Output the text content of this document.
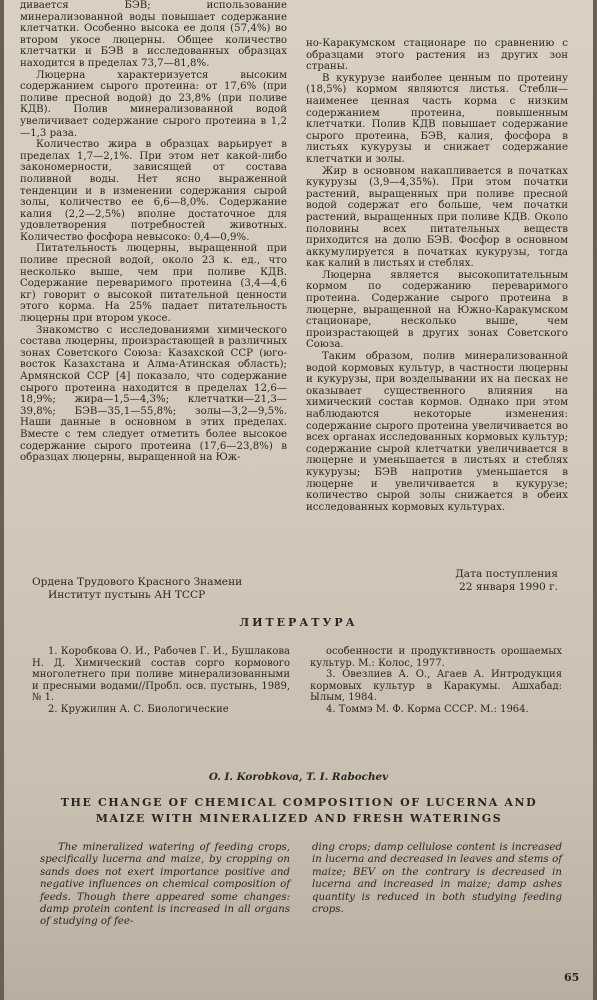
дивается БЭВ; использование минерализованной воды повышает содержание клетчатки. Особенно высока ее доля (57,4%) во втором укосе люцерны. Общее количество клетчатки и БЭВ в исследованных образцах находится в пределах 73,7—81,8%.

Люцерна характеризуется высоким содержанием сырого протеина: от 17,6% (при поливе пресной водой) до 23,8% (при поливе КДВ). Полив минерализованной водой увеличивает содержание сырого протеина в 1,2—1,3 раза.

Количество жира в образцах варьирует в пределах 1,7—2,1%. При этом нет какой-либо закономерности, зависящей от состава поливной воды. Нет ясно выраженной тенденции и в изменении содержания сырой золы, количество ее 6,6—8,0%. Содержание калия (2,2—2,5%) вполне достаточное для удовлетворения потребностей животных. Количество фосфора невысоко: 0,4—0,9%.

Питательность люцерны, выращенной при поливе пресной водой, около 23 к. ед., что несколько выше, чем при поливе КДВ. Содержание переваримого протеина (3,4—4,6 кг) говорит о высокой питательной ценности этого корма. На 25% падает питательность люцерны при втором укосе.

Знакомство с исследованиями химического состава люцерны, произрастающей в различных зонах Советского Союза: Казахской ССР (юго-восток Казахстана и Алма-Атинская область); Армянской ССР [4] показало, что содержание сырого протеина находится в пределах 12,6—18,9%; жира—1,5—4,3%; клетчатки—21,3—39,8%; БЭВ—35,1—55,8%; золы—3,2—9,5%. Наши данные в основном в этих пределах. Вместе с тем следует отметить более высокое содержание сырого протеина (17,6—23,8%) в образцах люцерны, выращенной на Юж-

но-Каракумском стационаре по сравнению с образцами этого растения из других зон страны.

В кукурузе наиболее ценным по протеину (18,5%) кормом являются листья. Стебли—наименее ценная часть корма с низким содержанием протеина, повышенным клетчатки. Полив КДВ повышает содержание сырого протеина, БЭВ, калия, фосфора в листьях кукурузы и снижает содержание клетчатки и золы.

Жир в основном накапливается в початках кукурузы (3,9—4,35%). При этом початки растений, выращенных при поливе пресной водой содержат его больше, чем початки растений, выращенных при поливе КДВ. Около половины всех питательных веществ приходится на долю БЭВ. Фосфор в основном аккумулируется в початках кукурузы, тогда как калий в листьях и стеблях.

Люцерна является высокопитательным кормом по содержанию переваримого протеина. Содержание сырого протеина в люцерне, выращенной на Южно-Каракумском стационаре, несколько выше, чем произрастающей в других зонах Советского Союза.

Таким образом, полив минерализованной водой кормовых культур, в частности люцерны и кукурузы, при возделывании их на песках не оказывает существенного влияния на химический состав кормов. Однако при этом наблюдаются некоторые изменения: содержание сырого протеина увеличивается во всех органах исследованных кормовых культур; содержание сырой клетчатки увеличивается в люцерне и уменьшается в листьях и стеблях кукурузы; БЭВ напротив уменьшается в люцерне и увеличивается в кукурузе; количество сырой золы снижается в обеих исследованных кормовых культурах.

Ордена Трудового Красного Знамени
Институт пустынь АН ТССР
Дата поступления
22 января 1990 г.
ЛИТЕРАТУРА

1. Коробкова О. И., Рабочев Г. И., Бушлакова Н. Д. Химический состав сорго кормового многолетнего при поливе минерализованными и пресными водами//Пробл. осв. пустынь, 1989, № 1.

2. Кружилин А. С. Биологические

особенности и продуктивность орошаемых культур. М.: Колос, 1977.

3. Овезлиев А. О., Агаев А. Интродукция кормовых культур в Каракумы. Ашхабад: Ылым, 1984.

4. Томмэ М. Ф. Корма СССР. М.: 1964.

O. I. Korobkova, T. I. Rabochev
THE CHANGE OF CHEMICAL COMPOSITION OF LUCERNA AND MAIZE WITH MINERALIZED AND FRESH WATERINGS

The mineralized watering of feeding crops, specifically lucerna and maize, by cropping on sands does not exert importance positive and negative influences on chemical composition of feeds. Though there appeared some changes: damp protein content is increased in all organs of studying of fee-

ding crops; damp cellulose content is increased in lucerna and decreased in leaves and stems of maize; BEV on the contrary is decreased in lucerna and increased in maize; damp ashes quantity is reduced in both studying feeding crops.

65
